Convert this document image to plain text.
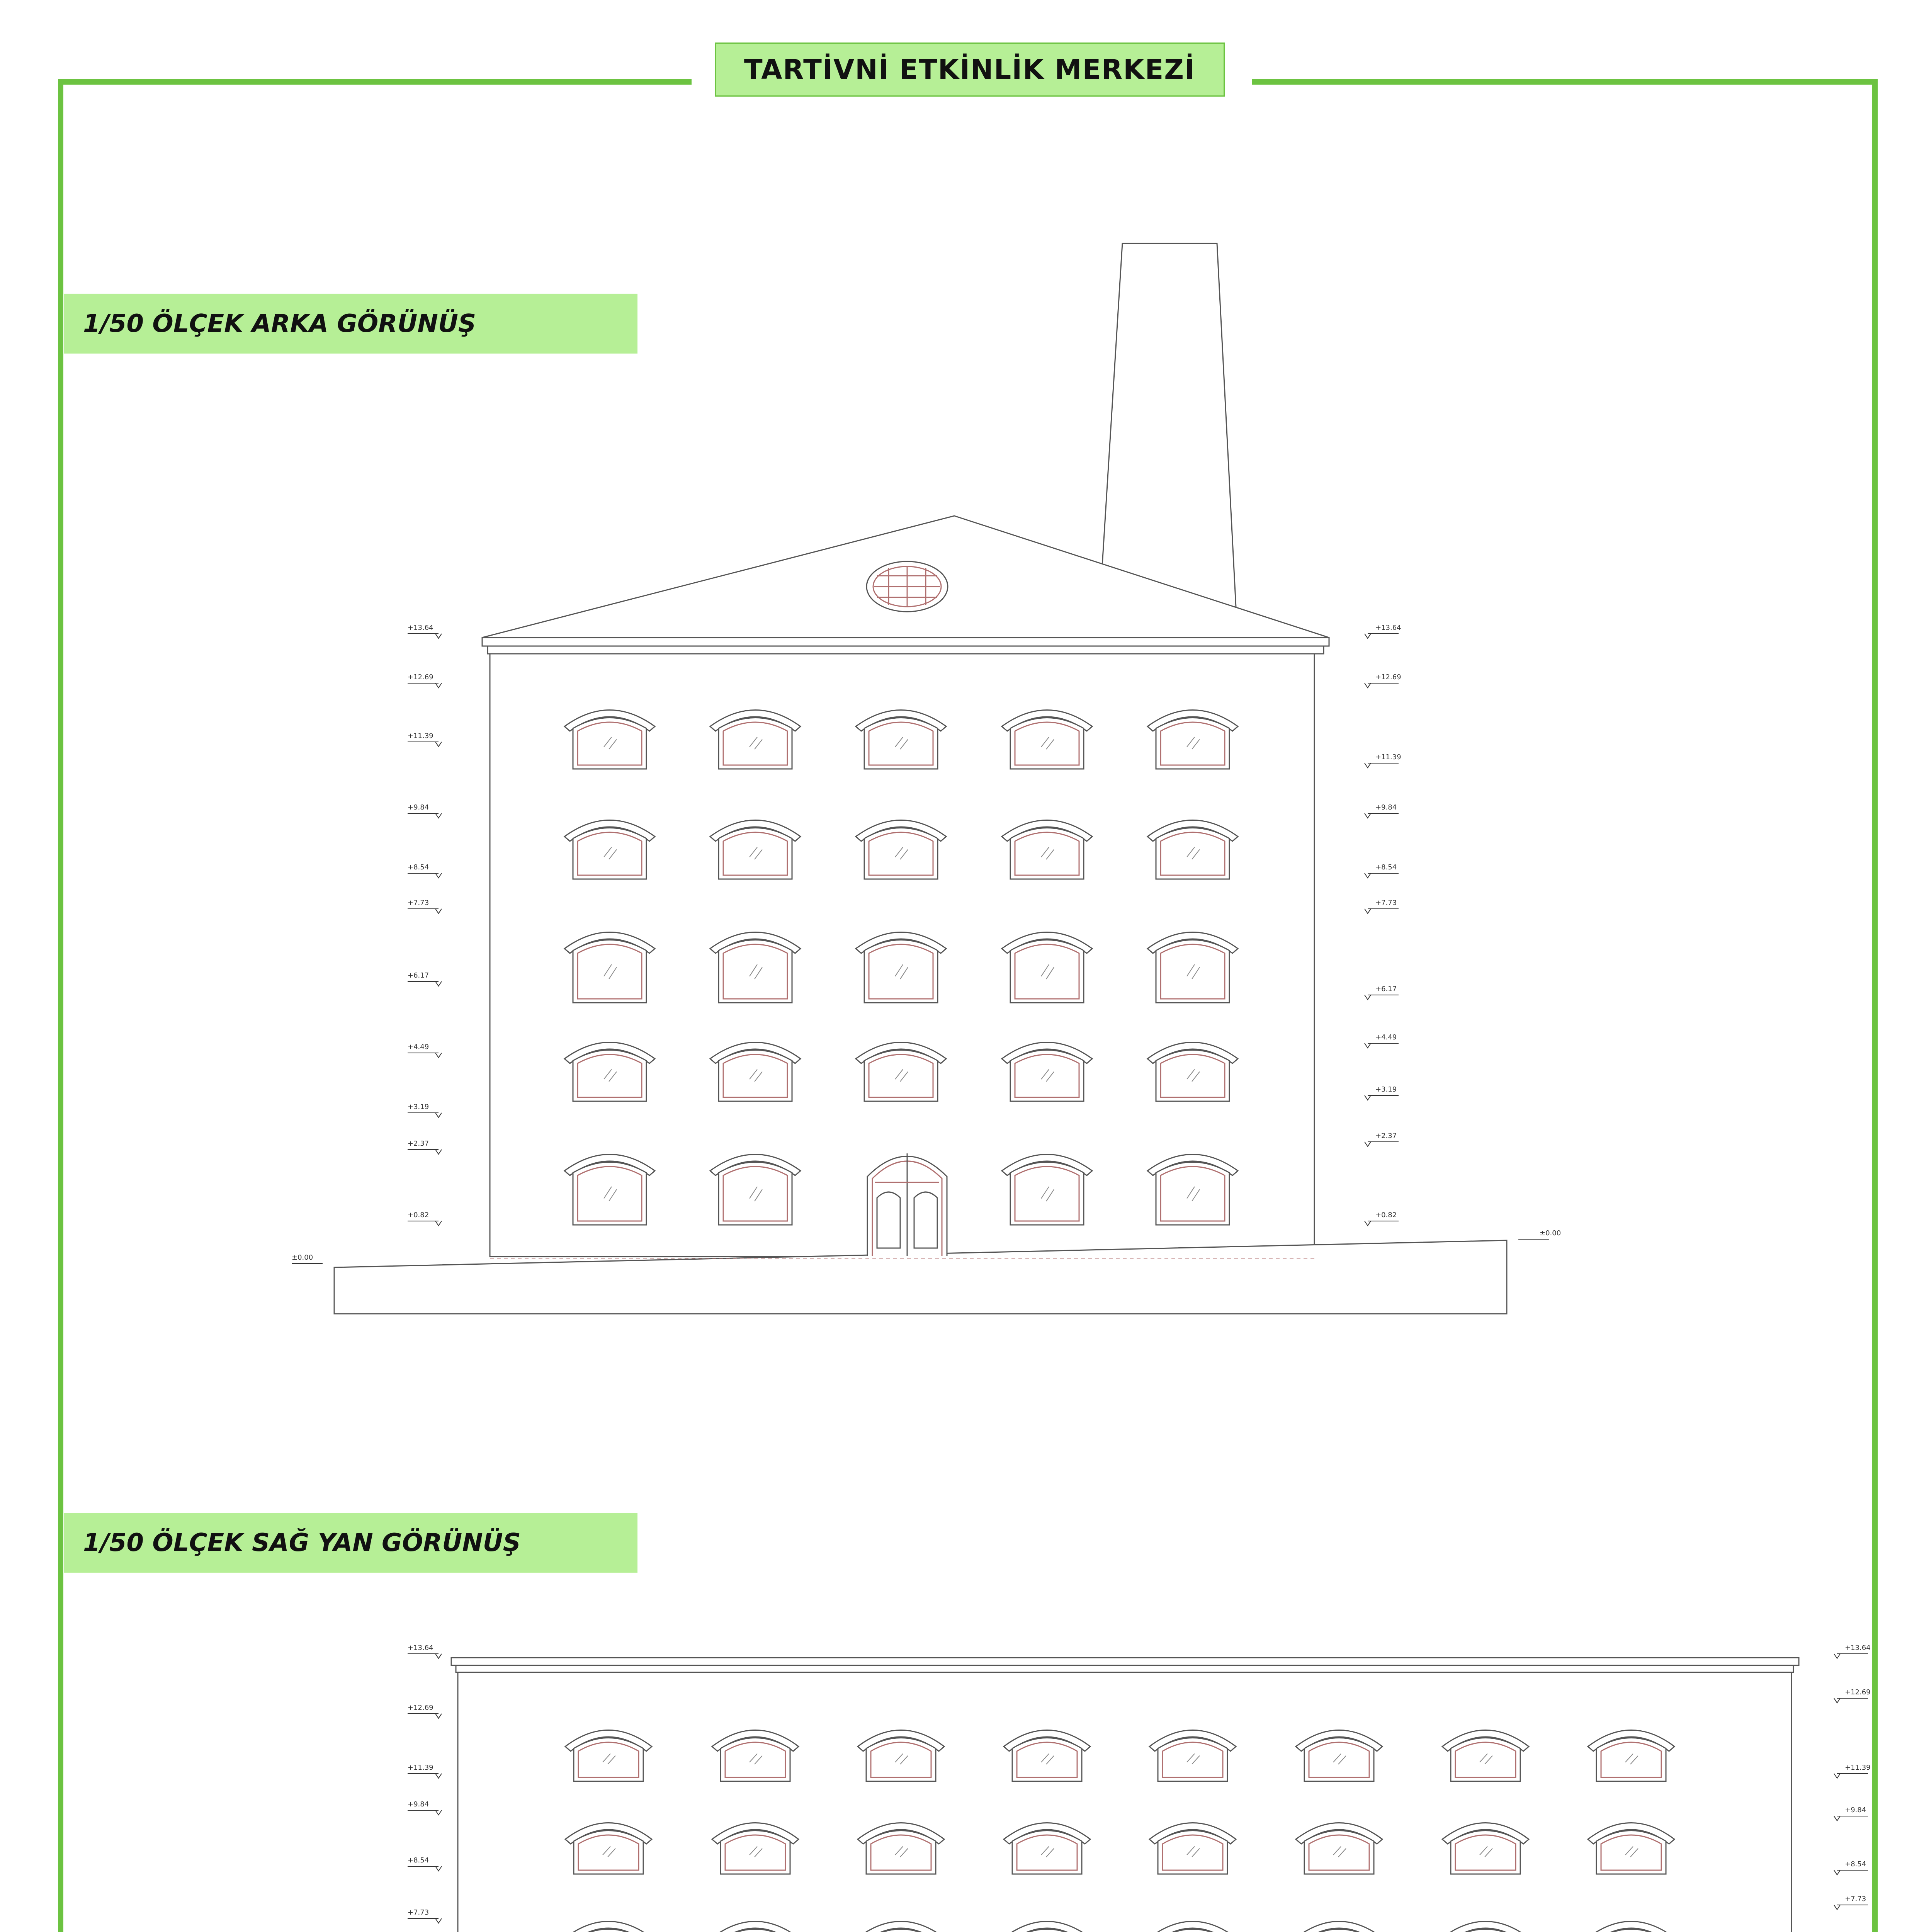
TARTİVNİ ETKİNLİK MERKEZİ
1/50 ÖLÇEK ARKA GÖRÜNÜŞ
1/50 ÖLÇEK SAĞ YAN GÖRÜNÜŞ
+13.64
+12.69
+11.39
+9.84
+8.54
+7.73
+6.17
+4.49
+3.19
+2.37
+0.82
+13.64
+12.69
+11.39
+9.84
+8.54
+7.73
+6.17
+4.49
+3.19
+2.37
+0.82
±0.00
±0.00
+13.64
+12.69
+11.39
+9.84
+8.54
+7.73
+13.64
+12.69
+11.39
+9.84
+8.54
+7.73
